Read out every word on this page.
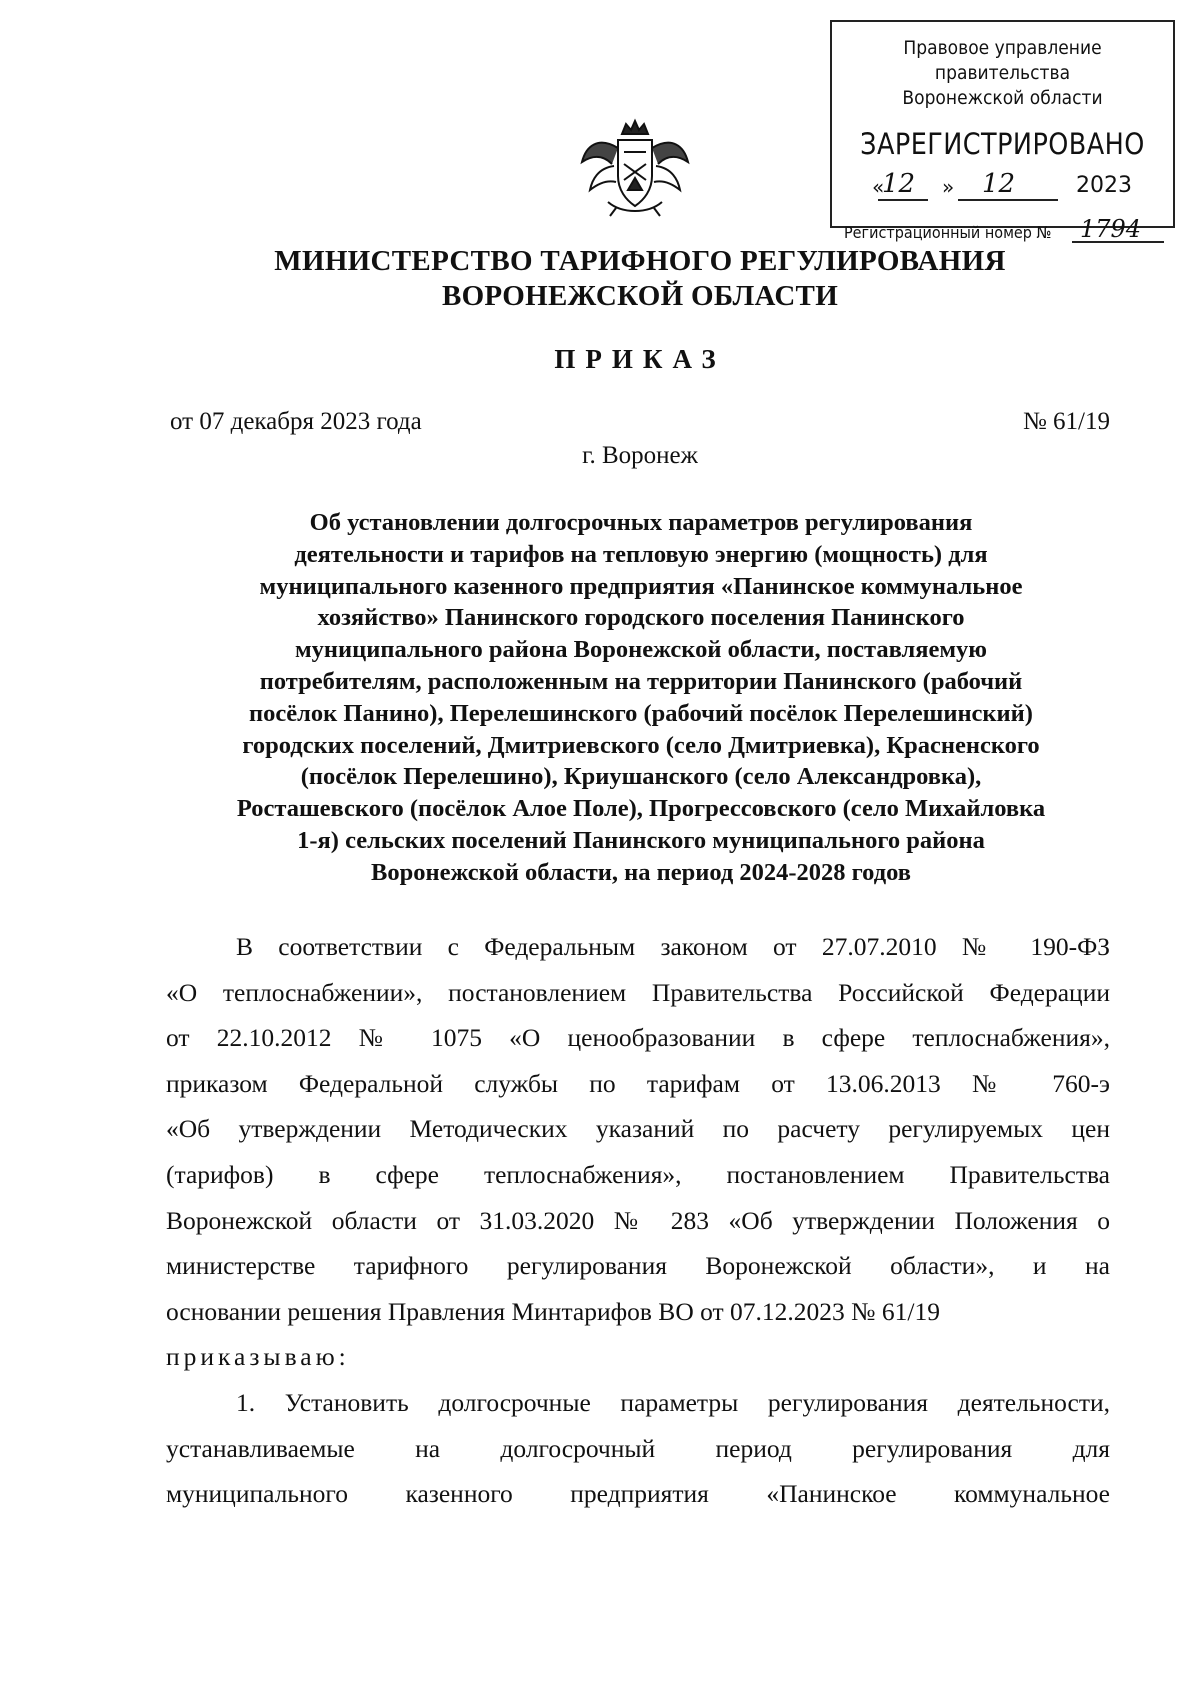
Правовое управление правительства
Воронежской области
ЗАРЕГИСТРИРОВАНО
«
12 » 12	2023
Регистрационный номер № 1794
МИНИСТЕРСТВО ТАРИФНОГО РЕГУЛИРОВАНИЯ
ВОРОНЕЖСКОЙ ОБЛАСТИ
ПРИКАЗ
от 07 декабря 2023 года	№ 61/19
г. Воронеж
Об установлении долгосрочных параметров регулирования
деятельности и тарифов на тепловую энергию (мощность) для
муниципального казенного предприятия «Панинское коммунальное
хозяйство» Панинского городского поселения Панинского
муниципального района Воронежской области, поставляемую
потребителям, расположенным на территории Панинского (рабочий
посёлок Панино), Перелешинского (рабочий посёлок Перелешинский)
городских поселений, Дмитриевского (село Дмитриевка), Красненского
(посёлок Перелешино), Криушанского (село Александровка),
Росташевского (посёлок Алое Поле), Прогрессовского (село Михайловка
1-я) сельских поселений Панинского муниципального района
Воронежской области, на период 2024-2028 годов
В соответствии с Федеральным законом от 27.07.2010 № 190-ФЗ
«О теплоснабжении», постановлением Правительства Российской Федерации
от 22.10.2012 № 1075 «О ценообразовании в сфере теплоснабжения»,
приказом Федеральной службы по тарифам от 13.06.2013 № 760-э
«Об утверждении Методических указаний по расчету регулируемых цен
(тарифов) в сфере теплоснабжения», постановлением Правительства
Воронежской области от 31.03.2020 № 283 «Об утверждении Положения о
министерстве тарифного регулирования Воронежской области», и на
основании решения Правления Минтарифов ВО от 07.12.2023 № 61/19
приказываю:
1. Установить долгосрочные параметры регулирования деятельности,
устанавливаемые на долгосрочный период регулирования для
муниципального казенного предприятия «Панинское коммунальное
